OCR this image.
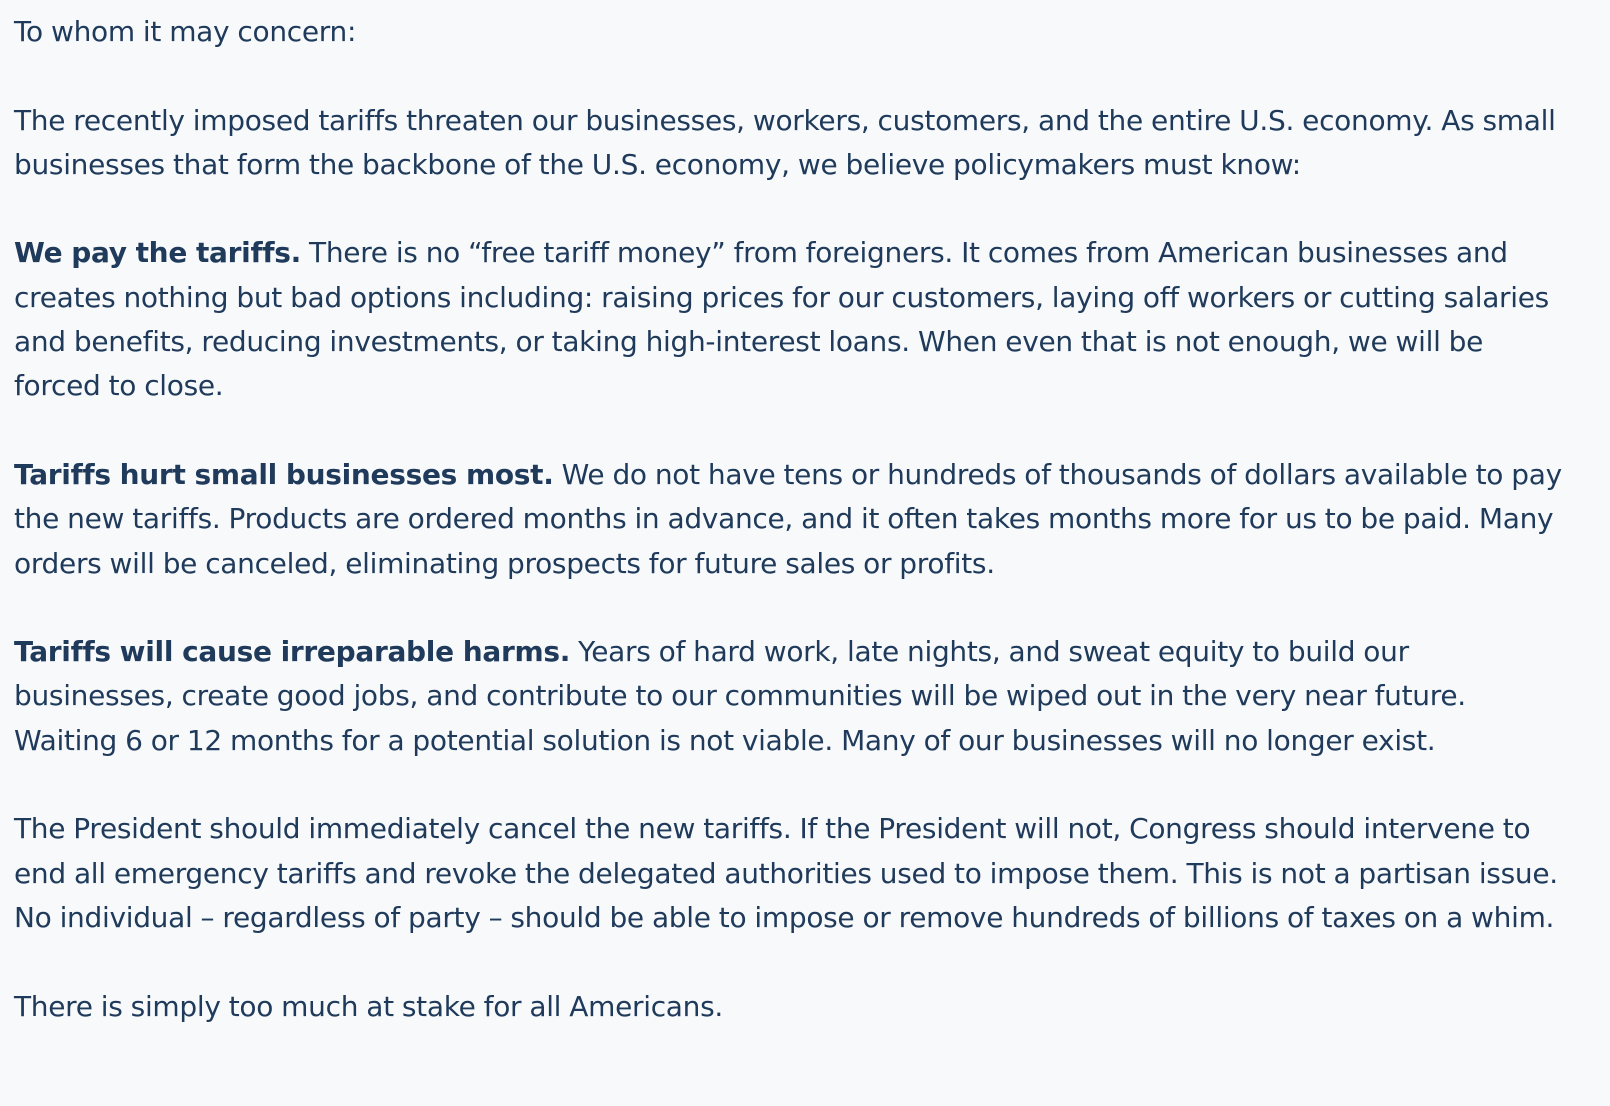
To whom it may concern:

The recently imposed tariffs threaten our businesses, workers, customers, and the entire U.S. economy. As small businesses that form the backbone of the U.S. economy, we believe policymakers must know:

We pay the tariffs. There is no “free tariff money” from foreigners. It comes from American businesses and creates nothing but bad options including: raising prices for our customers, laying off workers or cutting salaries and benefits, reducing investments, or taking high-interest loans. When even that is not enough, we will be forced to close.

Tariffs hurt small businesses most. We do not have tens or hundreds of thousands of dollars available to pay the new tariffs. Products are ordered months in advance, and it often takes months more for us to be paid. Many orders will be canceled, eliminating prospects for future sales or profits.

Tariffs will cause irreparable harms. Years of hard work, late nights, and sweat equity to build our businesses, create good jobs, and contribute to our communities will be wiped out in the very near future. Waiting 6 or 12 months for a potential solution is not viable. Many of our businesses will no longer exist.

The President should immediately cancel the new tariffs. If the President will not, Congress should intervene to end all emergency tariffs and revoke the delegated authorities used to impose them. This is not a partisan issue. No individual – regardless of party – should be able to impose or remove hundreds of billions of taxes on a whim.

There is simply too much at stake for all Americans.
